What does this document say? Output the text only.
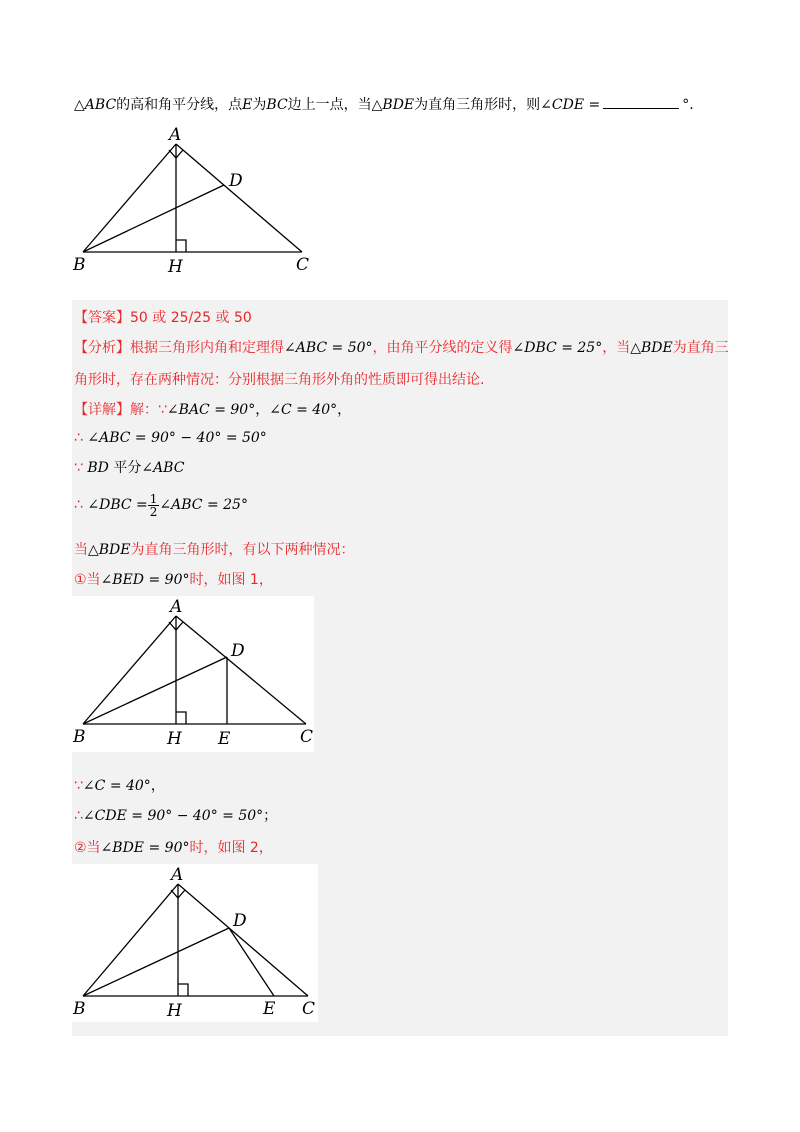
△ABC的高和角平分线，点E为BC边上一点，当△BDE为直角三角形时，则∠CDE =	°.
A
D
B	H	C
【答案】50 或 25/25 或 50
【分析】根据三角形内角和定理得∠ABC = 50°，由角平分线的定义得∠DBC = 25°，当△BDE为直角三
角形时，存在两种情况：分别根据三角形外角的性质即可得出结论.
【详解】解：∵∠BAC = 90°，∠C = 40°，
∴ ∠ABC = 90° − 40° = 50°
∵ BD 平分∠ABC
∴ ∠DBC = $\frac{1}{2}$ ∠ABC = 25°
当△BDE为直角三角形时，有以下两种情况：
①当∠BED = 90°时，如图 1，
A
D
B	H E	C
∵∠C = 40°，
∴∠CDE = 90° − 40° = 50°；
②当∠BDE = 90°时，如图 2，
A
D
B	H	E C
